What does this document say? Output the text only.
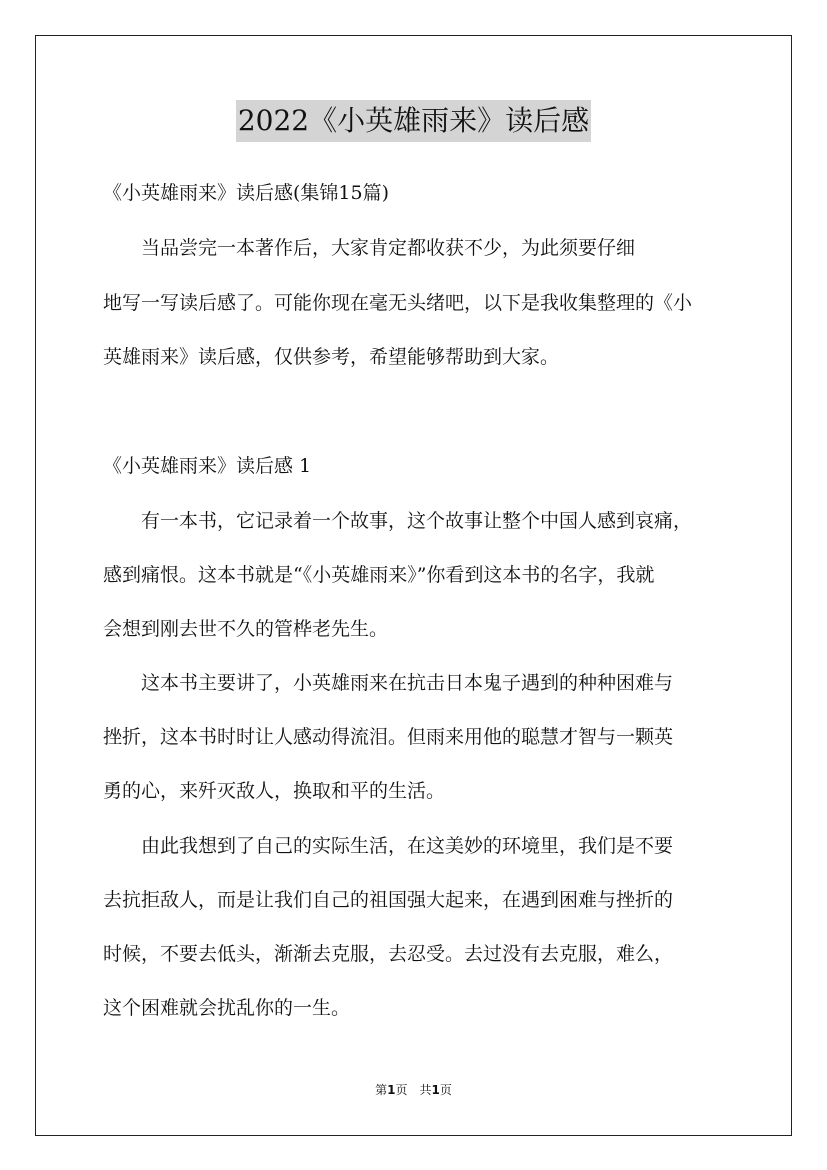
2022《小英雄雨来》读后感
《小英雄雨来》读后感(集锦15篇)
　　当品尝完一本著作后，大家肯定都收获不少，为此须要仔细
地写一写读后感了。可能你现在毫无头绪吧，以下是我收集整理的《小
英雄雨来》读后感，仅供参考，希望能够帮助到大家。
《小英雄雨来》读后感 1
　　有一本书，它记录着一个故事，这个故事让整个中国人感到哀痛，
感到痛恨。这本书就是“《小英雄雨来》”你看到这本书的名字，我就
会想到刚去世不久的管桦老先生。
　　这本书主要讲了，小英雄雨来在抗击日本鬼子遇到的种种困难与
挫折，这本书时时让人感动得流泪。但雨来用他的聪慧才智与一颗英
勇的心，来歼灭敌人，换取和平的生活。
　　由此我想到了自己的实际生活，在这美妙的环境里，我们是不要
去抗拒敌人，而是让我们自己的祖国强大起来，在遇到困难与挫折的
时候，不要去低头，渐渐去克服，去忍受。去过没有去克服，难么，
这个困难就会扰乱你的一生。
第1页　共1页
